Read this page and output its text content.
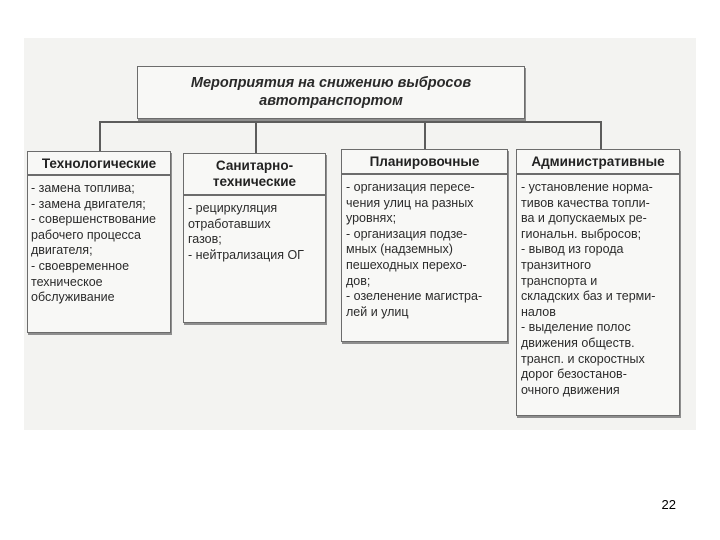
Мероприятия на снижению выбросов
автотранспортом
Технологические
- замена топлива;
- замена двигателя;
- совершенствование
рабочего процесса
двигателя;
- своевременное
техническое
обслуживание
Санитарно-
технические
- рециркуляция
отработавших
газов;
- нейтрализация ОГ
Планировочные
- организация пересе-
чения улиц на разных
уровнях;
- организация подзе-
мных (надземных)
пешеходных перехо-
дов;
- озеленение магистра-
лей и улиц
Административные
- установление норма-
тивов качества топли-
ва и допускаемых ре-
гиональн. выбросов;
- вывод из города
транзитного
транспорта и
складских баз и терми-
налов
- выделение полос
движения обществ.
трансп. и скоростных
дорог безостанов-
очного движения
22
